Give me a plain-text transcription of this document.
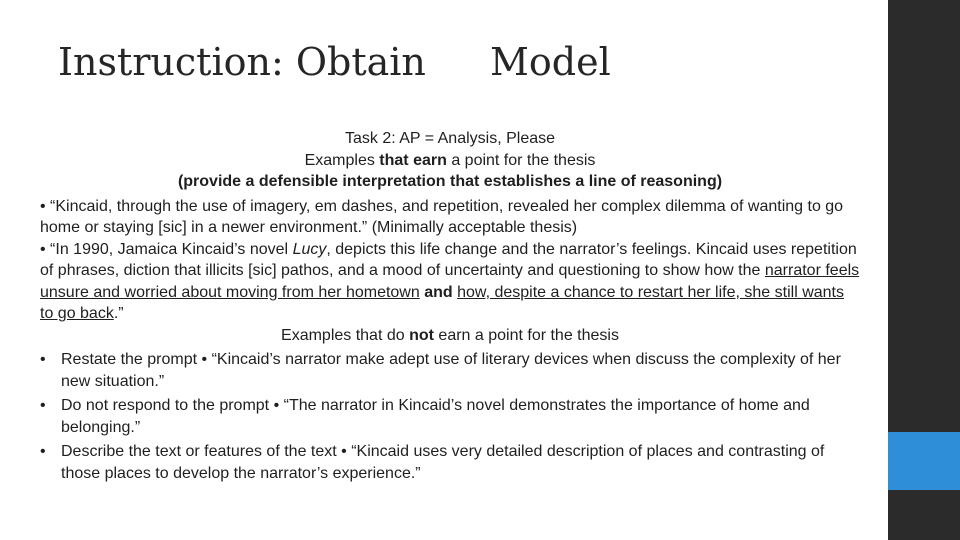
Instruction: Obtain Model

Task 2: AP = Analysis, Please

Examples that earn a point for the thesis

(provide a defensible interpretation that establishes a line of reasoning)

• “Kincaid, through the use of imagery, em dashes, and repetition, revealed her complex dilemma of wanting to go home or staying [sic] in a newer environment.” (Minimally acceptable thesis)

• “In 1990, Jamaica Kincaid’s novel Lucy, depicts this life change and the narrator’s feelings. Kincaid uses repetition of phrases, diction that illicits [sic] pathos, and a mood of uncertainty and questioning to show how the narrator feels unsure and worried about moving from her hometown and how, despite a chance to restart her life, she still wants to go back.”

Examples that do not earn a point for the thesis

• Restate the prompt • “Kincaid’s narrator make adept use of literary devices when discuss the complexity of her new situation.”
• Do not respond to the prompt • “The narrator in Kincaid’s novel demonstrates the importance of home and belonging.”
• Describe the text or features of the text • “Kincaid uses very detailed description of places and contrasting of those places to develop the narrator’s experience.”
